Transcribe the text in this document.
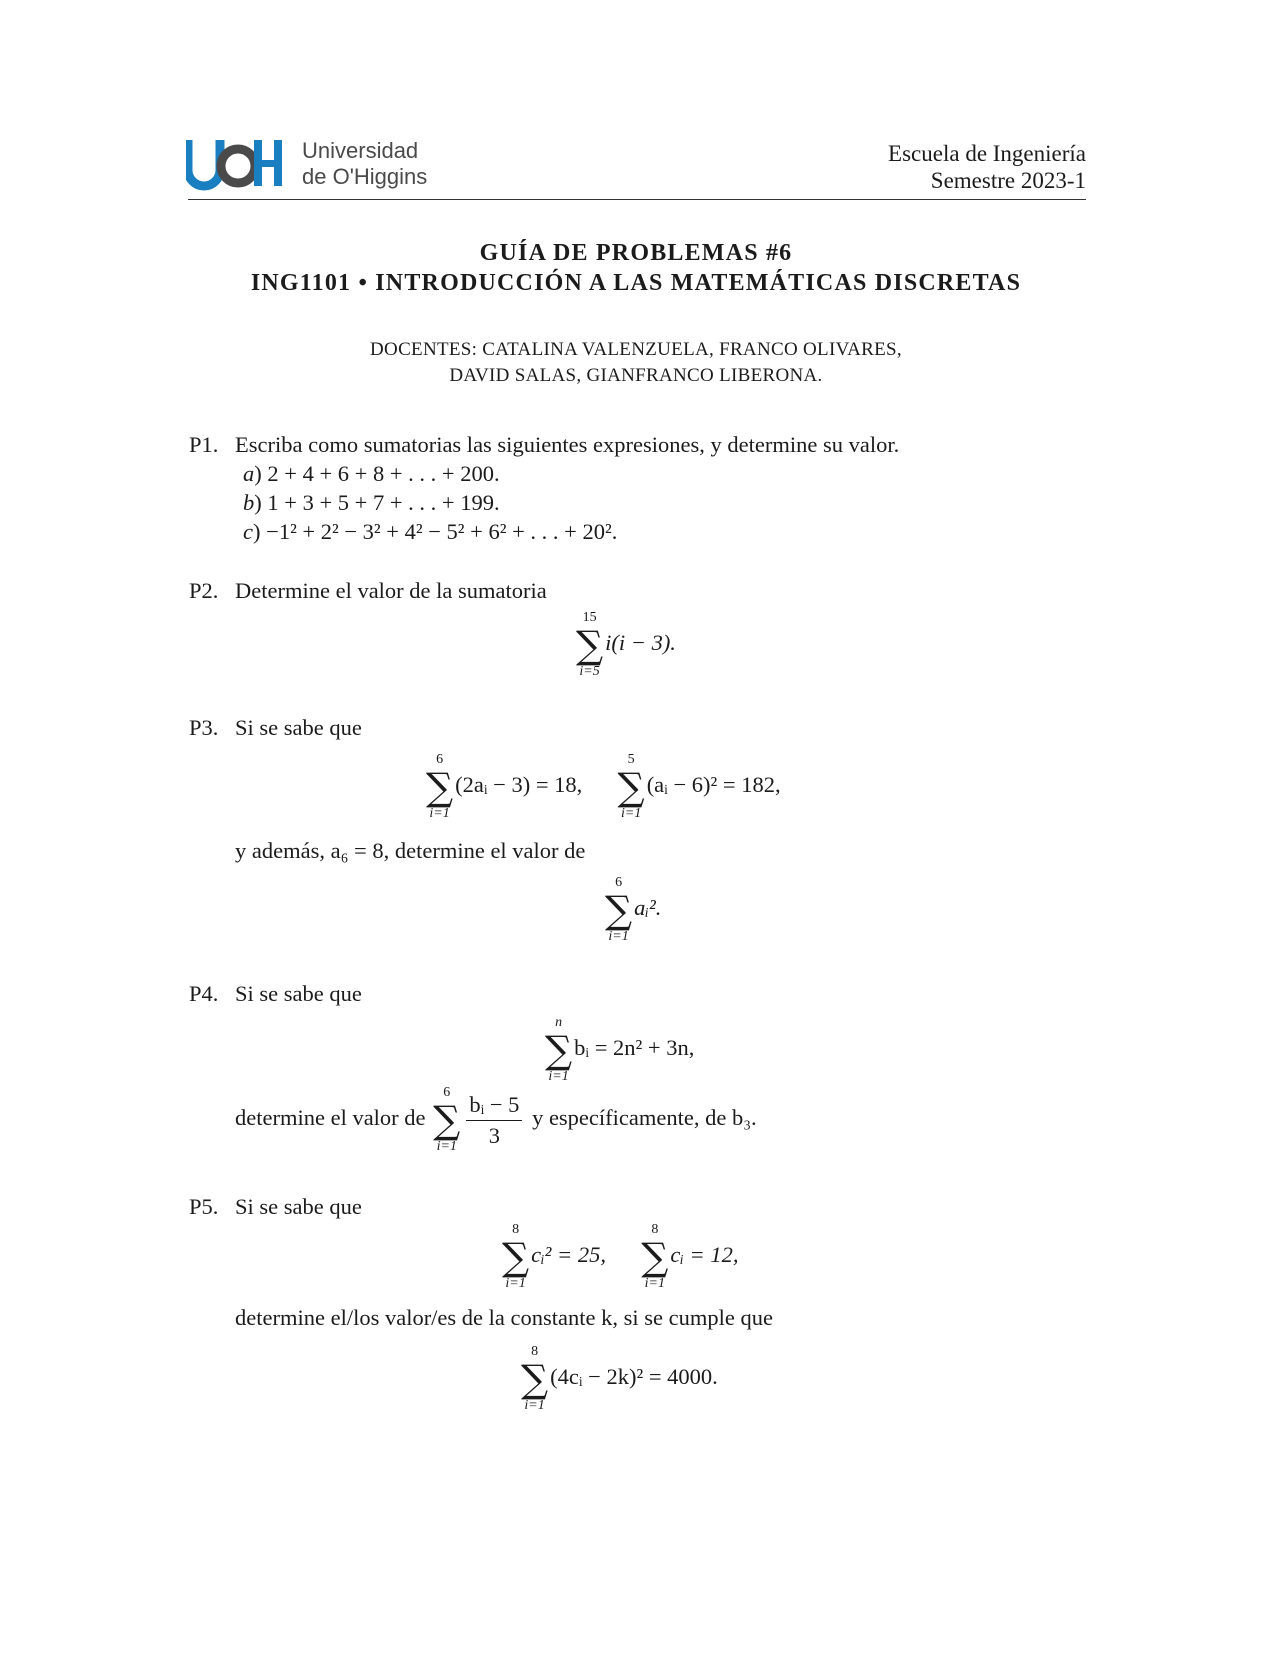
Universidad
de O'Higgins
Escuela de Ingeniería
Semestre 2023-1
GUÍA DE PROBLEMAS #6
ING1101 • INTRODUCCIÓN A LAS MATEMÁTICAS DISCRETAS
DOCENTES: CATALINA VALENZUELA, FRANCO OLIVARES,
DAVID SALAS, GIANFRANCO LIBERONA.
P1. Escriba como sumatorias las siguientes expresiones, y determine su valor.
a) 2 + 4 + 6 + 8 + . . . + 200.
b) 1 + 3 + 5 + 7 + . . . + 199.
c) −1² + 2² − 3² + 4² − 5² + 6² + . . . + 20².
P2. Determine el valor de la sumatoria
15
∑
i=5
i(i − 3).
P3. Si se sabe que
6
∑
i=1
(2aᵢ − 3) = 18,
5
∑
i=1
(aᵢ − 6)² = 182,
y además, a₆ = 8, determine el valor de
6
∑
i=1
aᵢ².
P4. Si se sabe que
n
∑
i=1
bᵢ = 2n² + 3n,
determine el valor de
6
∑
$i=1 \frac{\text{bᵢ − 5}}{3}$ y específicamente, de b₃.
P5. Si se sabe que
8
∑
i=1
cᵢ² = 25,
8
∑
i=1
cᵢ = 12,
determine el/los valor/es de la constante k, si se cumple que
8
∑
i=1
(4cᵢ − 2k)² = 4000.
